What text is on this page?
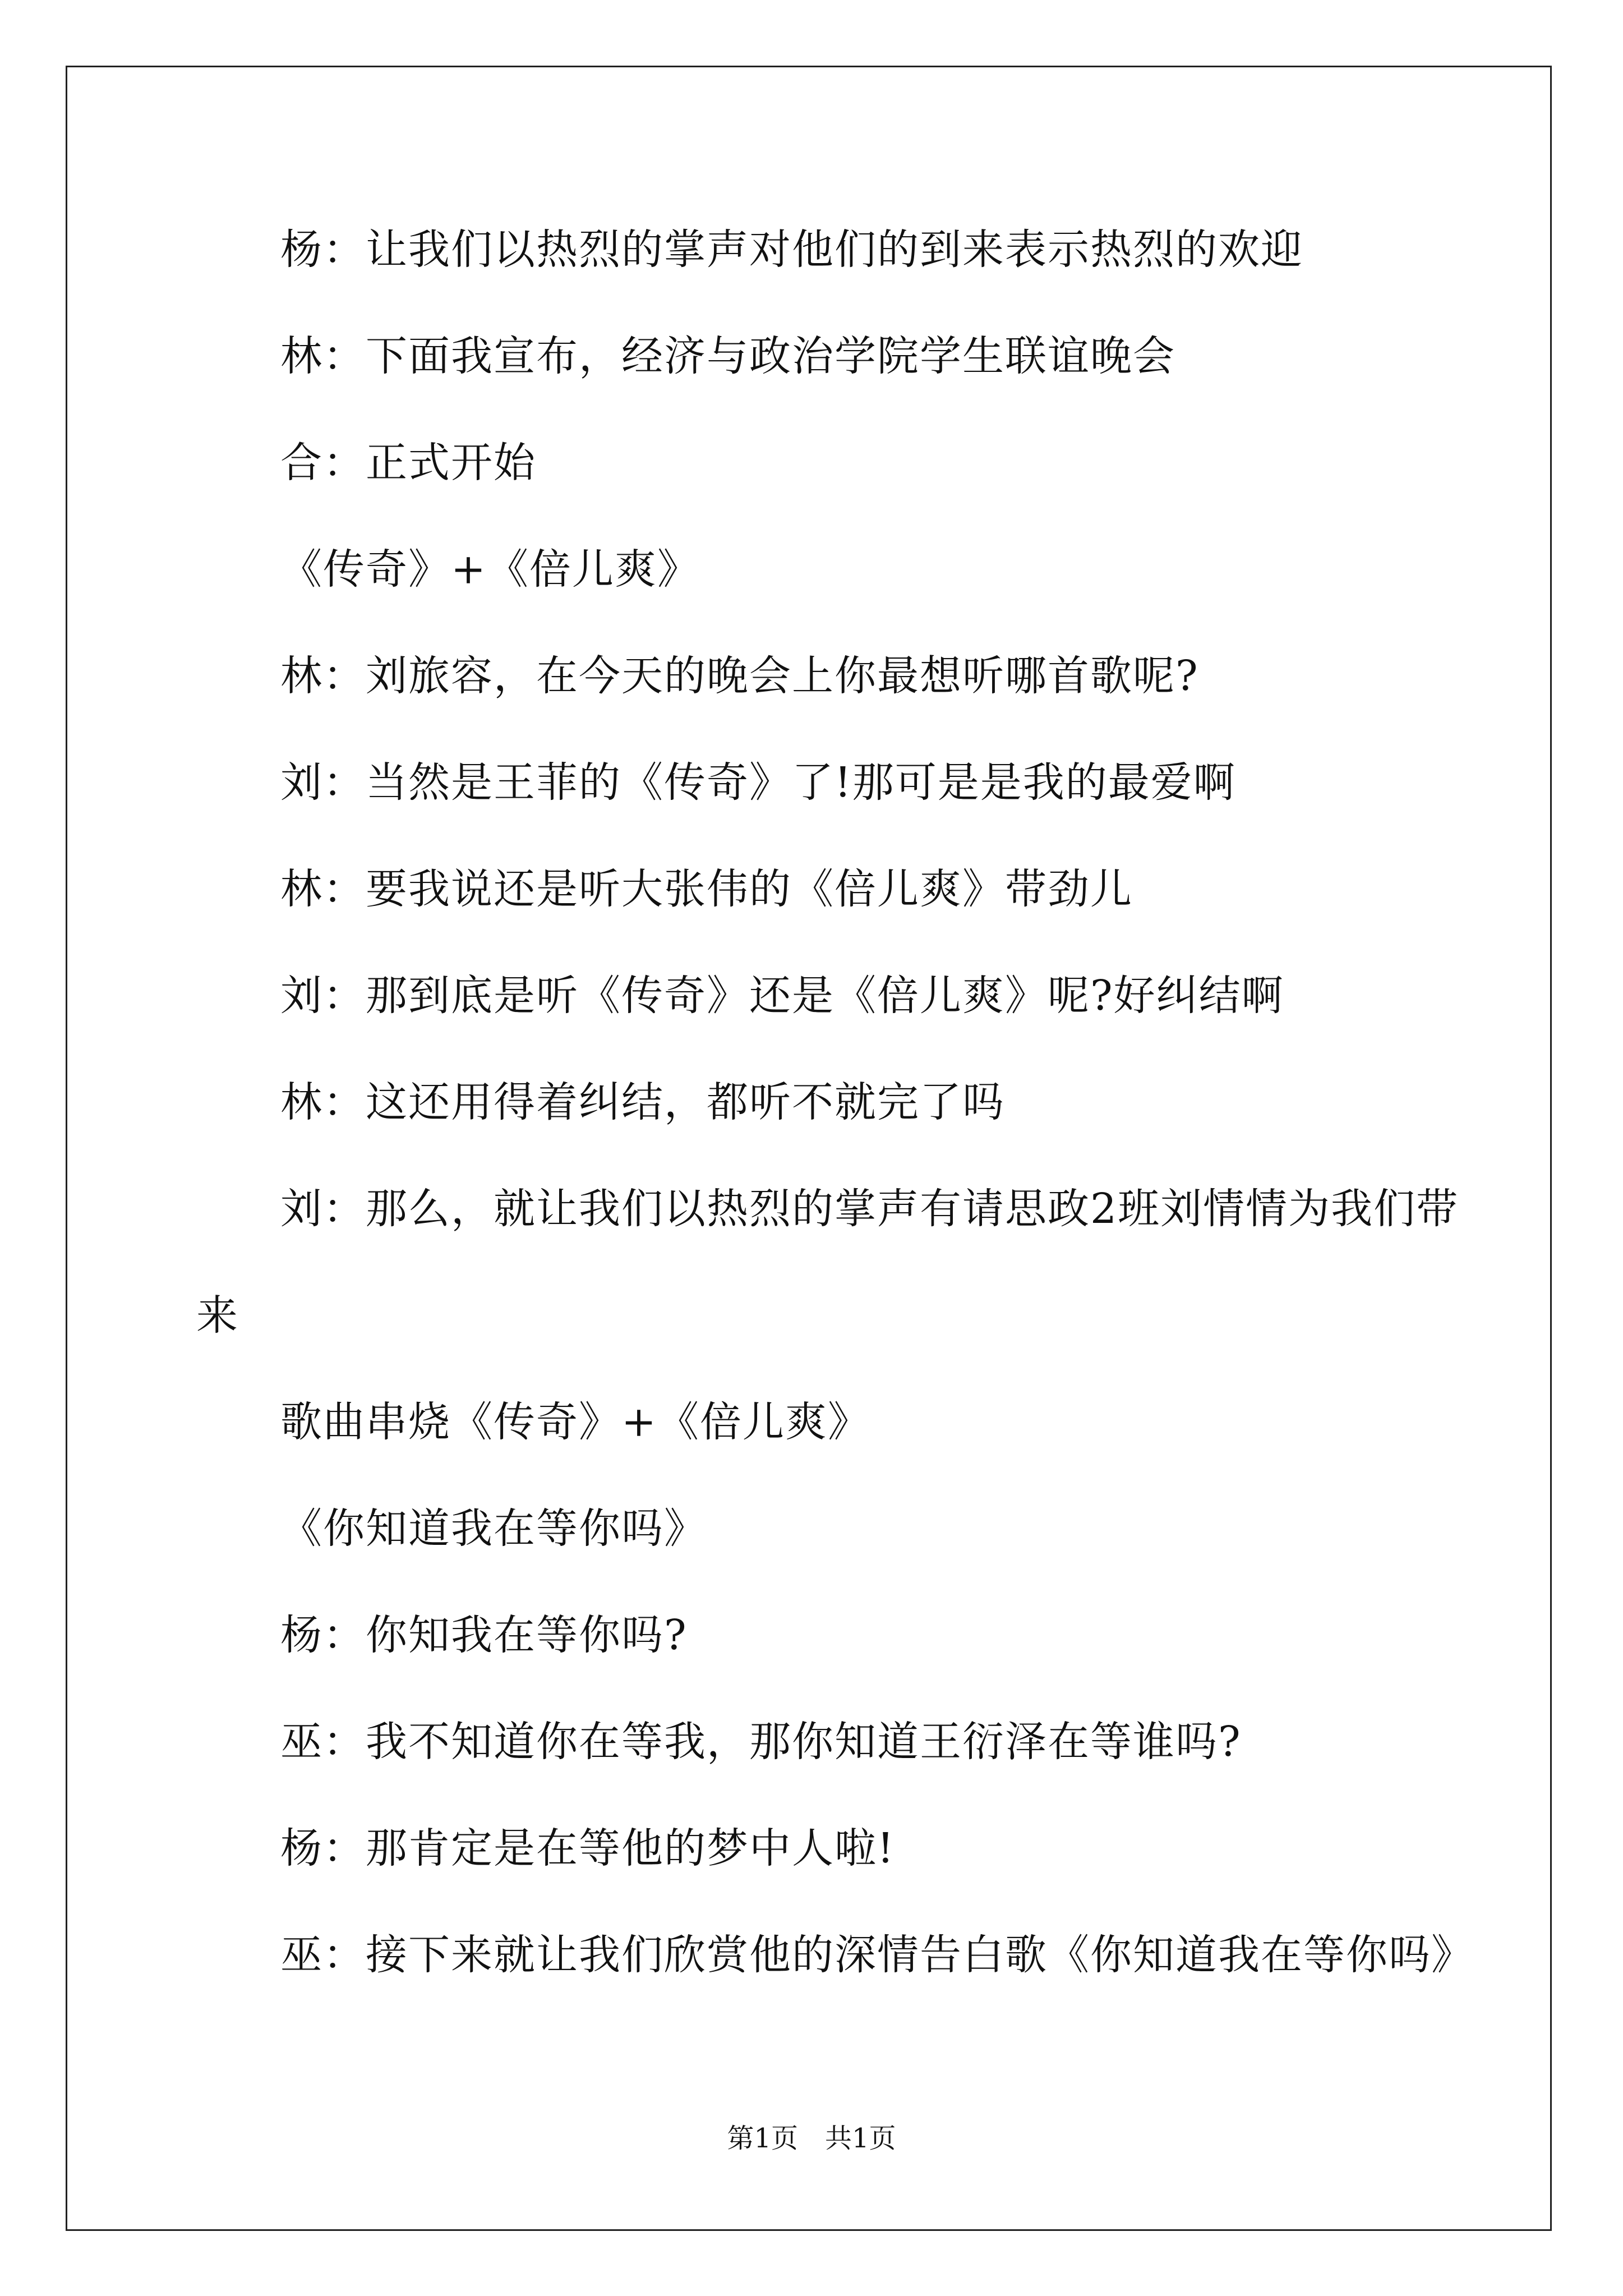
杨：让我们以热烈的掌声对他们的到来表示热烈的欢迎
林：下面我宣布，经济与政治学院学生联谊晚会
合：正式开始
《传奇》+《倍儿爽》
林：刘旅容，在今天的晚会上你最想听哪首歌呢?
刘：当然是王菲的《传奇》了!那可是是我的最爱啊
林：要我说还是听大张伟的《倍儿爽》带劲儿
刘：那到底是听《传奇》还是《倍儿爽》呢?好纠结啊
林：这还用得着纠结，都听不就完了吗
刘：那么，就让我们以热烈的掌声有请思政2班刘情情为我们带
来
歌曲串烧《传奇》+《倍儿爽》
《你知道我在等你吗》
杨：你知我在等你吗?
巫：我不知道你在等我，那你知道王衍泽在等谁吗?
杨：那肯定是在等他的梦中人啦!
巫：接下来就让我们欣赏他的深情告白歌《你知道我在等你吗》
第1页　共1页
